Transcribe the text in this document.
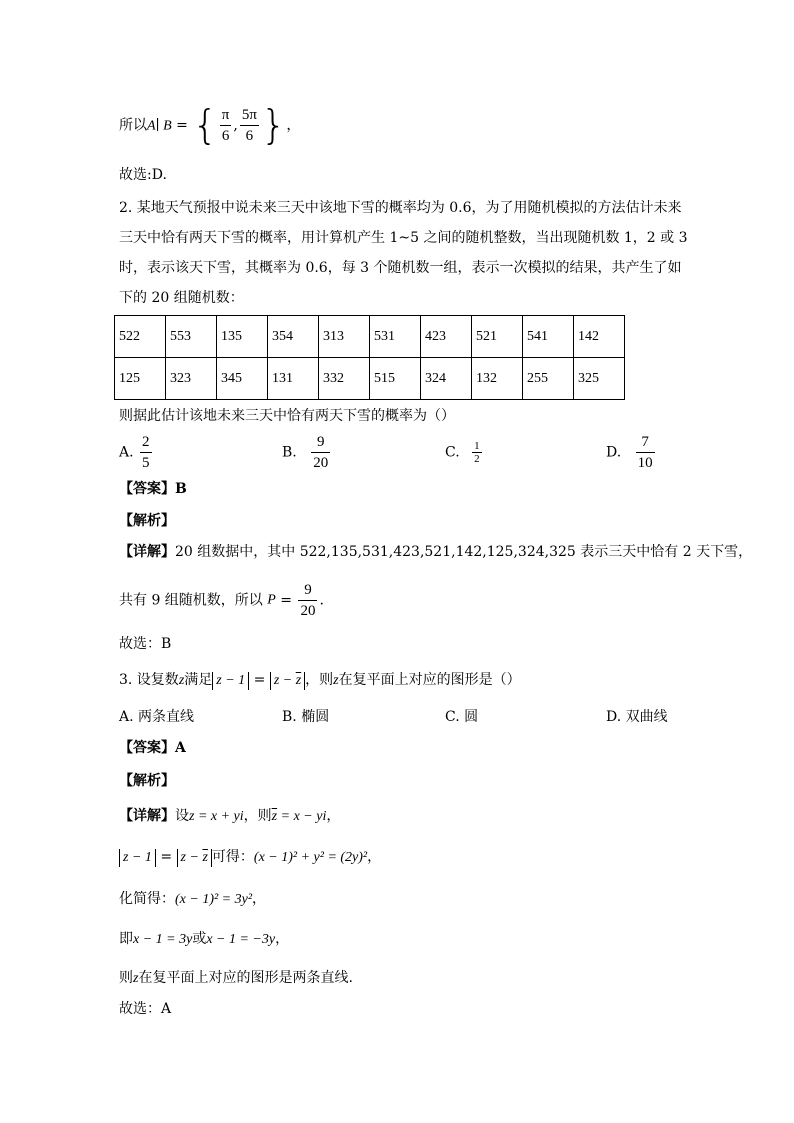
所以A∣ B = { $\frac{\pi}{6}$ , $\frac{5\pi}{6}$ }，
故选:D.
2. 某地天气预报中说未来三天中该地下雪的概率均为 0.6，为了用随机模拟的方法估计未来
三天中恰有两天下雪的概率，用计算机产生 1~5 之间的随机整数，当出现随机数 1，2 或 3
时，表示该天下雪，其概率为 0.6，每 3 个随机数一组，表示一次模拟的结果，共产生了如
下的 20 组随机数：
522	553	135	354	313	531	423	521	541	142
125	323	345	131	332	515	324	132	255	325
则据此估计该地未来三天中恰有两天下雪的概率为（）
A. $\frac{2}{5}$	B. $\frac{9}{20}$	C. $\frac{1}{2}$	D. $\frac{7}{10}$
【答案】B
【解析】
【详解】20 组数据中，其中 522,135,531,423,521,142,125,324,325 表示三天中恰有 2 天下雪，
共有 9 组随机数，所以 $P = \frac{9}{20}$ .
故选：B
3. 设复数z满足 $z - 1 = z - \overline{z}$ ，则z在复平面上对应的图形是（）
A. 两条直线	B. 椭圆	C. 圆	D. 双曲线
【答案】A
【解析】
【详解】设z = x + yi，则$\overline{z} = x$ − yi，
$z - 1 = z - \overline{z}$ 可得：(x − 1)² + y² = (2y)²，
化简得：(x − 1)² = 3y²，
即x − 1 = 3y或x − 1 = −3y，
则z在复平面上对应的图形是两条直线.
故选：A
